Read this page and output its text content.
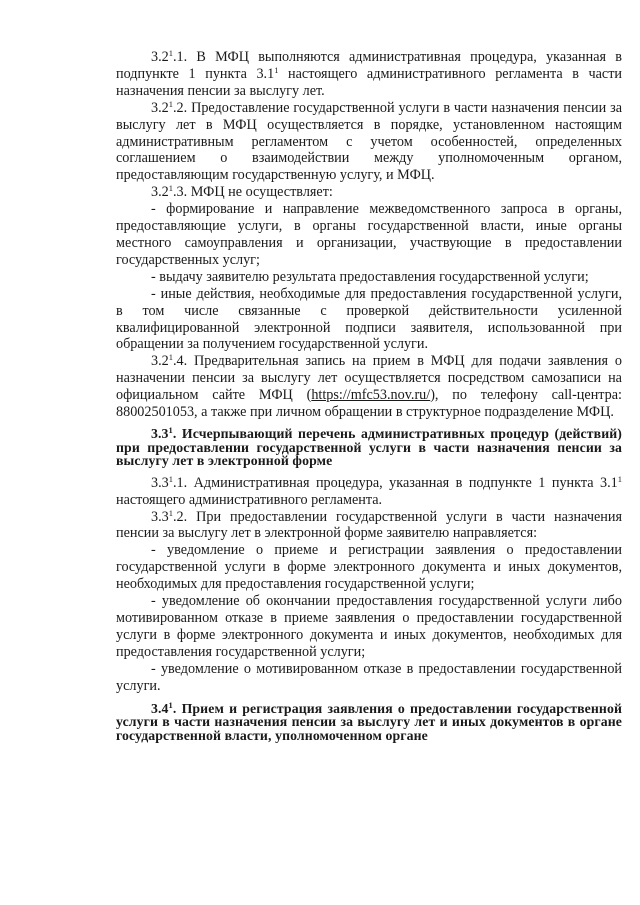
$3.2^1.1$. В МФЦ выполняются административная процедура, указанная в подпункте 1 пункта $3.1^1$ настоящего административного регламента в части назначения пенсии за выслугу лет.

$3.2^1.2$. Предоставление государственной услуги в части назначения пенсии за выслугу лет в МФЦ осуществляется в порядке, установленном настоящим административным регламентом с учетом особенностей, определенных соглашением о взаимодействии между уполномоченным органом, предоставляющим государственную услугу, и МФЦ.

$3.2^1.3$. МФЦ не осуществляет:

- формирование и направление межведомственного запроса в органы, предоставляющие услуги, в органы государственной власти, иные органы местного самоуправления и организации, участвующие в предоставлении государственных услуг;

- выдачу заявителю результата предоставления государственной услуги;

- иные действия, необходимые для предоставления государственной услуги, в том числе связанные с проверкой действительности усиленной квалифицированной электронной подписи заявителя, использованной при обращении за получением государственной услуги.

$3.2^1.4$. Предварительная запись на прием в МФЦ для подачи заявления о назначении пенсии за выслугу лет осуществляется посредством самозаписи на официальном сайте МФЦ (https://mfc53.nov.ru/), по телефону call-центра: 88002501053, а также при личном обращении в структурное подразделение МФЦ.

$3.3^1$. Исчерпывающий перечень административных процедур (действий) при предоставлении государственной услуги в части назначения пенсии за выслугу лет в электронной форме

$3.3^1.1$. Административная процедура, указанная в подпункте 1 пункта $3.1^1$ настоящего административного регламента.

$3.3^1.2$. При предоставлении государственной услуги в части назначения пенсии за выслугу лет в электронной форме заявителю направляется:

- уведомление о приеме и регистрации заявления о предоставлении государственной услуги в форме электронного документа и иных документов, необходимых для предоставления государственной услуги;

- уведомление об окончании предоставления государственной услуги либо мотивированном отказе в приеме заявления о предоставлении государственной услуги в форме электронного документа и иных документов, необходимых для предоставления государственной услуги;

- уведомление о мотивированном отказе в предоставлении государственной услуги.

$3.4^1$. Прием и регистрация заявления о предоставлении государственной услуги в части назначения пенсии за выслугу лет и иных документов в органе государственной власти, уполномоченном органе
